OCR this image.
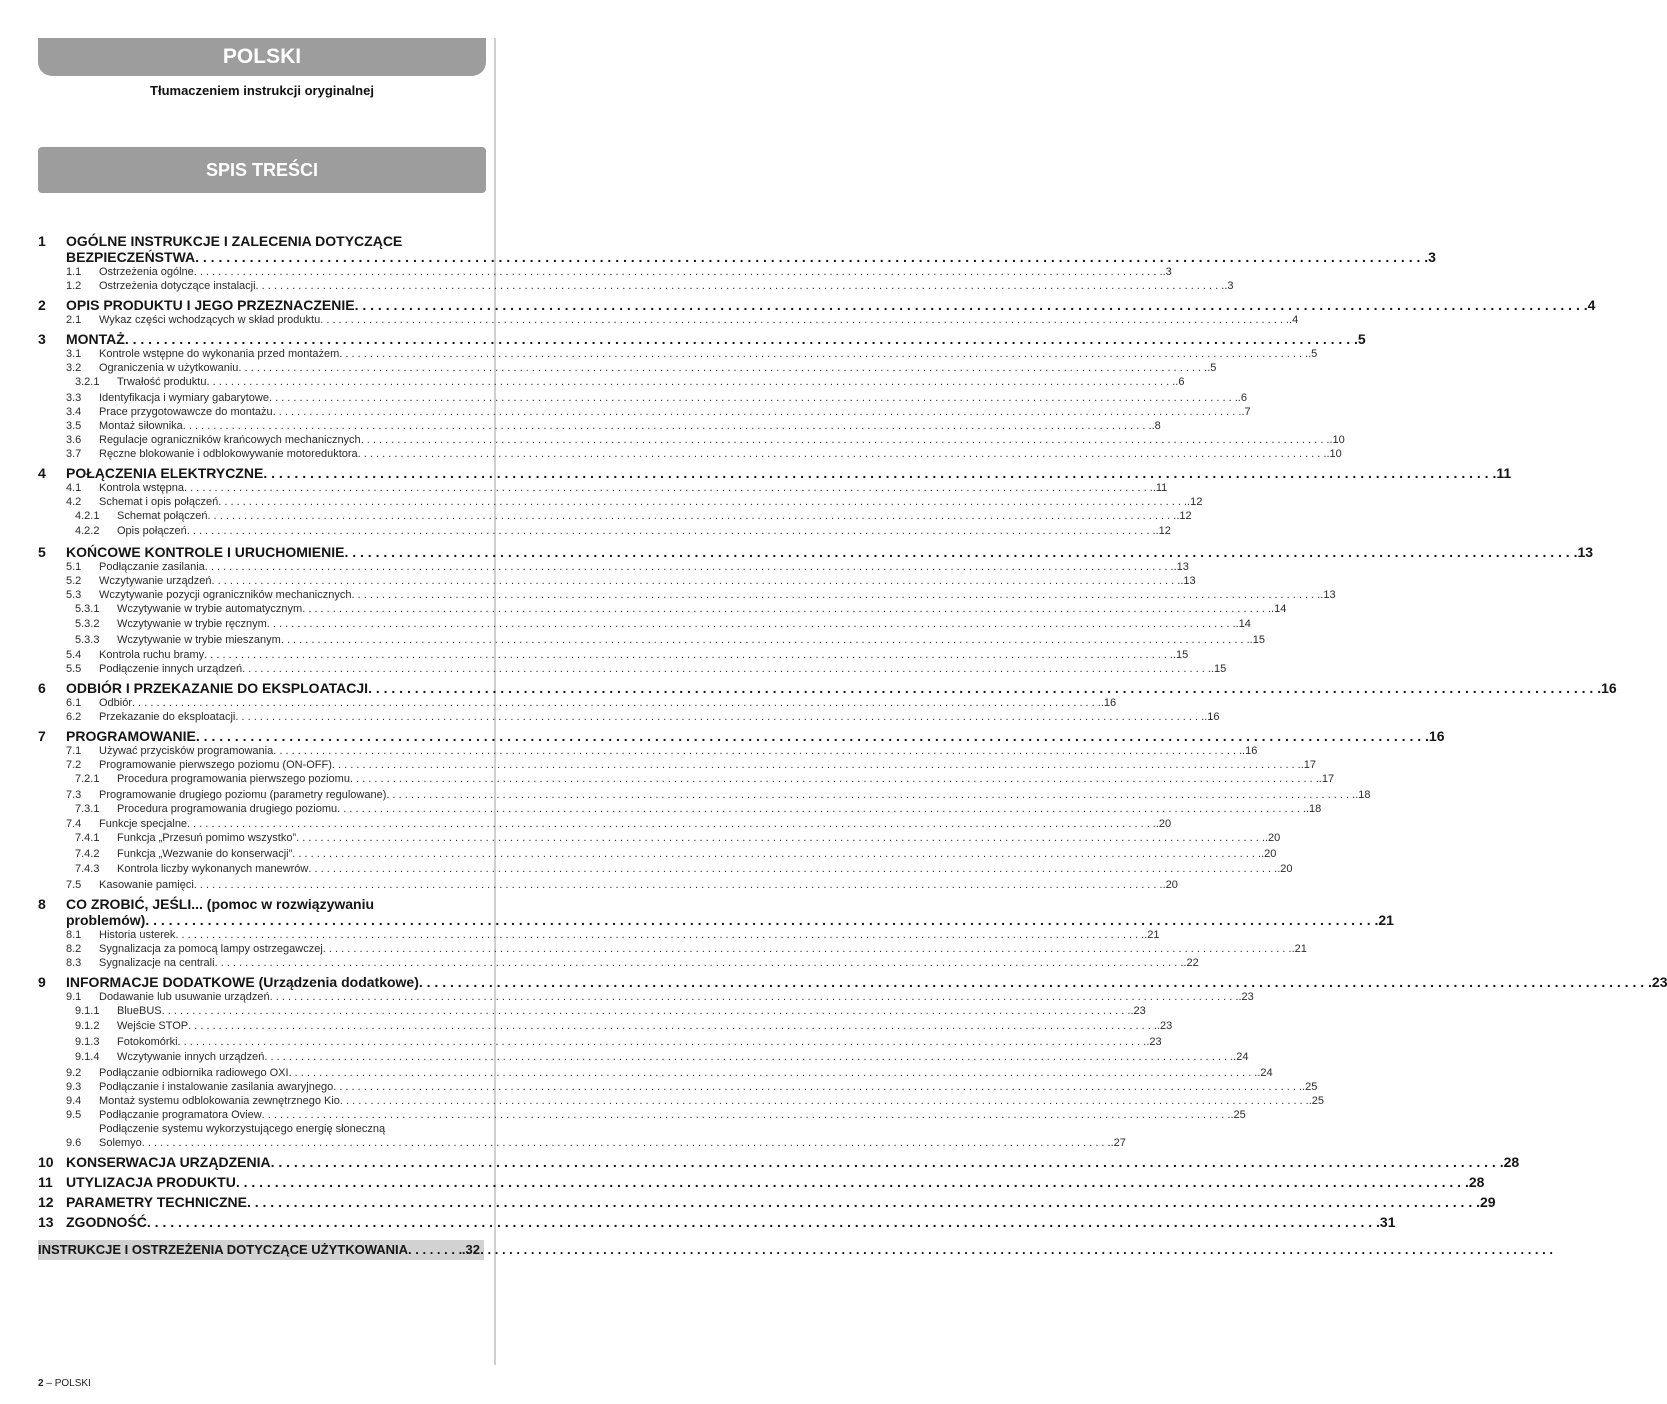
POLSKI
Tłumaczeniem instrukcji oryginalnej
SPIS TREŚCI
1	OGÓLNE INSTRUKCJE I ZALECENIA DOTYCZĄCE
BEZPIECZEŃSTWA . . .	3
1.1	Ostrzeżenia ogólne . . .	.3
1.2	Ostrzeżenia dotyczące instalacji . . .	.3
2	OPIS PRODUKTU I JEGO PRZEZNACZENIE . . .	4
2.1	Wykaz części wchodzących w skład produktu . . .	.4
3	MONTAŻ . . .	5
3.1	Kontrole wstępne do wykonania przed montażem . . .	.5
3.2	Ograniczenia w użytkowaniu . . .	.5
3.2.1	Trwałość produktu . . .	.6
3.3	Identyfikacja i wymiary gabarytowe . . .	.6
3.4	Prace przygotowawcze do montażu . . .	.7
3.5	Montaż siłownika . . .	.8
3.6	Regulacje ograniczników krańcowych mechanicznych . . .	.10
3.7	Ręczne blokowanie i odblokowywanie motoreduktora . . .	.10
4	POŁĄCZENIA ELEKTRYCZNE . . .	11
4.1	Kontrola wstępna . . .	.11
4.2	Schemat i opis połączeń . . .	.12
4.2.1	Schemat połączeń . . .	.12
4.2.2	Opis połączeń . . .	.12
5	KOŃCOWE KONTROLE I URUCHOMIENIE . . .	13
5.1	Podłączanie zasilania . . .	.13
5.2	Wczytywanie urządzeń . . .	.13
5.3	Wczytywanie pozycji ograniczników mechanicznych . . .	.13
5.3.1	Wczytywanie w trybie automatycznym . . .	.14
5.3.2	Wczytywanie w trybie ręcznym . . .	.14
5.3.3	Wczytywanie w trybie mieszanym . . .	.15
5.4	Kontrola ruchu bramy . . .	.15
5.5	Podłączenie innych urządzeń . . .	.15
6	ODBIÓR I PRZEKAZANIE DO EKSPLOATACJI . . .	16
6.1	Odbiór . . .	.16
6.2	Przekazanie do eksploatacji . . .	.16
7	PROGRAMOWANIE . . .	16
7.1	Używać przycisków programowania . . .	.16
7.2	Programowanie pierwszego poziomu (ON-OFF) . . .	.17
7.2.1	Procedura programowania pierwszego poziomu . . .	.17
7.3	Programowanie drugiego poziomu (parametry regulowane) . . .	.18
7.3.1	Procedura programowania drugiego poziomu . . .	.18
7.4	Funkcje specjalne . . .	.20
7.4.1	Funkcja „Przesuń pomimo wszystko” . . .	.20
7.4.2	Funkcja „Wezwanie do konserwacji” . . .	.20
7.4.3	Kontrola liczby wykonanych manewrów . . .	.20
7.5	Kasowanie pamięci . . .	.20
8	CO ZROBIĆ, JEŚLI... (pomoc w rozwiązywaniu
problemów) . . .	21
8.1	Historia usterek . . .	.21
8.2	Sygnalizacja za pomocą lampy ostrzegawczej . . .	.21
8.3	Sygnalizacje na centrali . . .	.22
9	INFORMACJE DODATKOWE (Urządzenia dodatkowe) . . .	23
9.1	Dodawanie lub usuwanie urządzeń . . .	.23
9.1.1	BlueBUS . . .	.23
9.1.2	Wejście STOP . . .	.23
9.1.3	Fotokomórki . . .	.23
9.1.4	Wczytywanie innych urządzeń . . .	.24
9.2	Podłączanie odbiornika radiowego OXI . . .	.24
9.3	Podłączanie i instalowanie zasilania awaryjnego . . .	.25
9.4	Montaż systemu odblokowania zewnętrznego Kio . . .	.25
9.5	Podłączanie programatora Oview . . .	.25
9.6
Podłączenie systemu wykorzystującego energię słoneczną
Solemyo . . .	.27
10 KONSERWACJA URZĄDZENIA . . .	28
11 UTYLIZACJA PRODUKTU . . .	28
12 PARAMETRY TECHNICZNE . . .	29
13 ZGODNOŚĆ . . .	31
INSTRUKCJE I OSTRZEŻENIA DOTYCZĄCE UŻYTKOWANIA . . .	.32
2 – POLSKI
